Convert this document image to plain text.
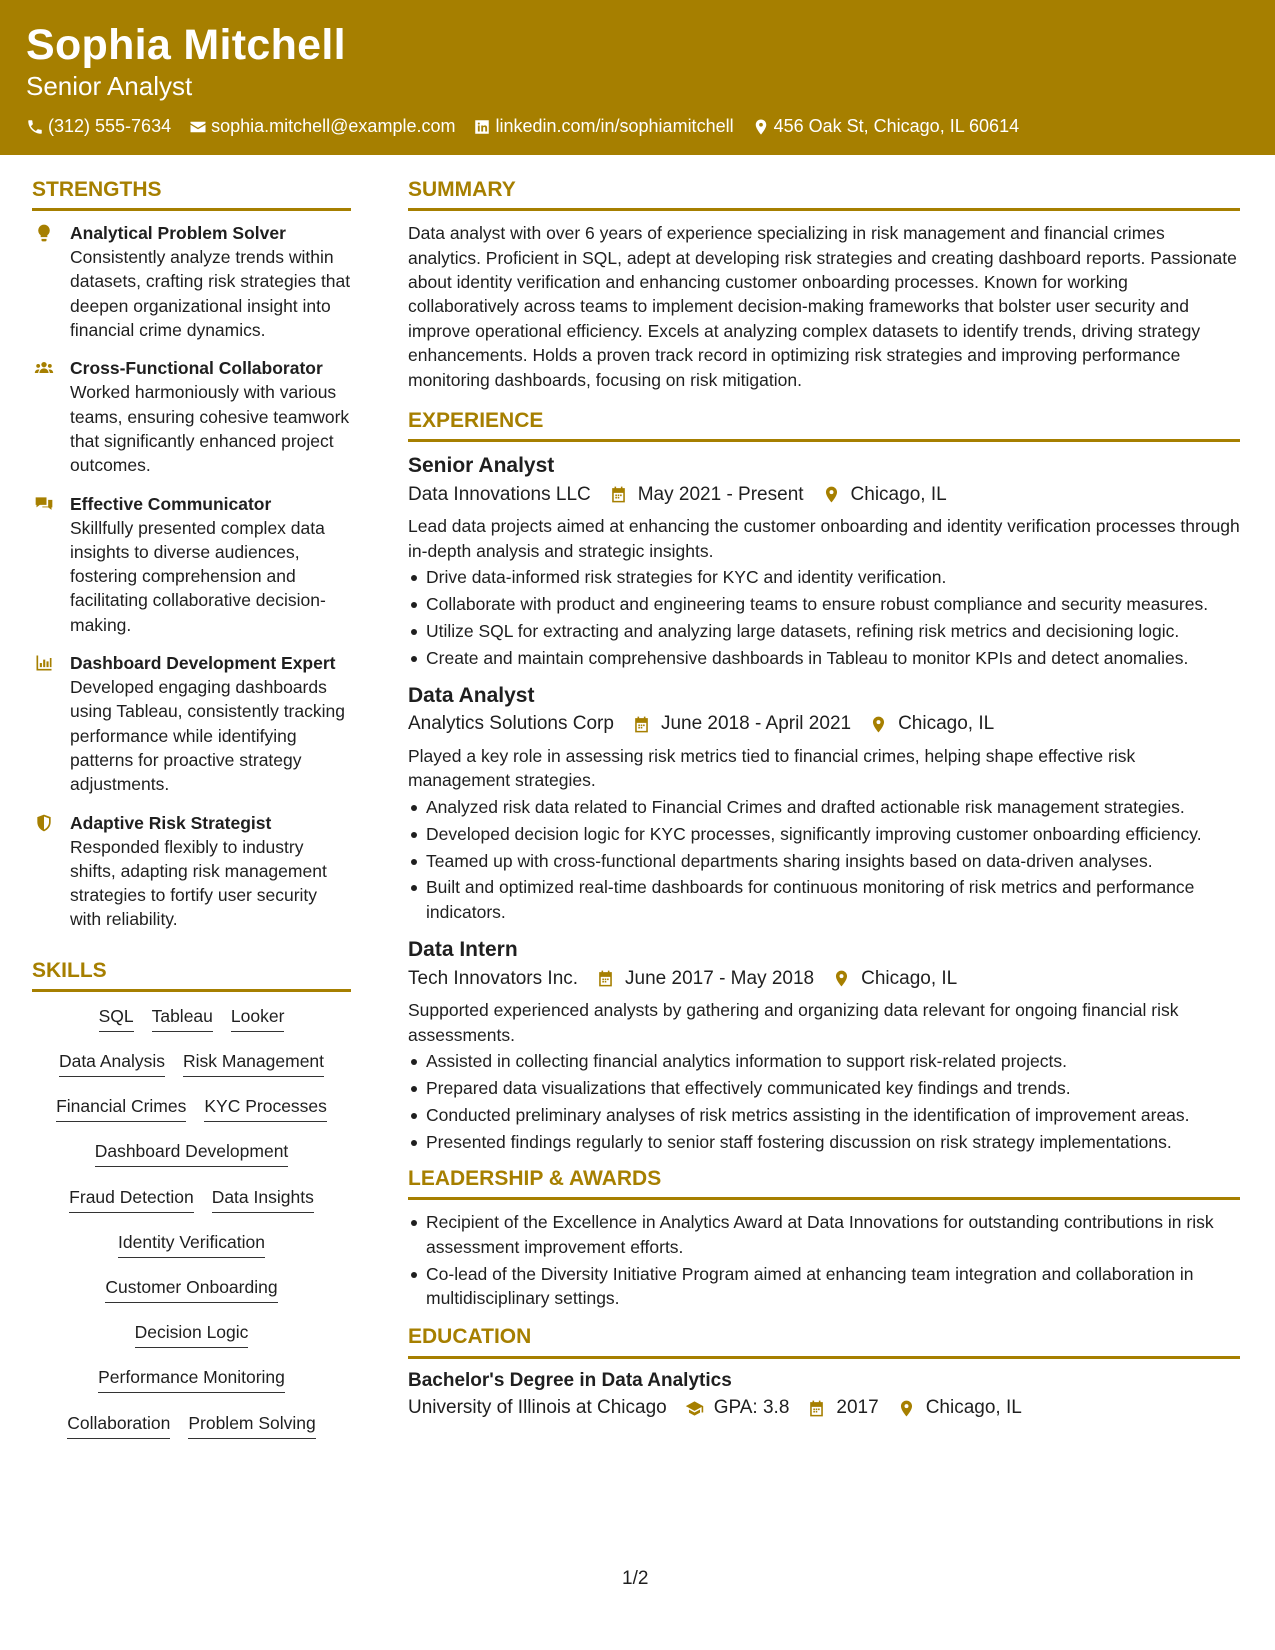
Sophia Mitchell
Senior Analyst
(312) 555-7634 sophia.mitchell@example.com linkedin.com/in/sophiamitchell 456 Oak St, Chicago, IL 60614
STRENGTHS
Analytical Problem Solver
Consistently analyze trends within datasets, crafting risk strategies that deepen organizational insight into financial crime dynamics.
Cross-Functional Collaborator
Worked harmoniously with various teams, ensuring cohesive teamwork that significantly enhanced project outcomes.
Effective Communicator
Skillfully presented complex data insights to diverse audiences, fostering comprehension and facilitating collaborative decision-making.
Dashboard Development Expert
Developed engaging dashboards using Tableau, consistently tracking performance while identifying patterns for proactive strategy adjustments.
Adaptive Risk Strategist
Responded flexibly to industry shifts, adapting risk management strategies to fortify user security with reliability.
SKILLS
SQL Tableau Looker
Data Analysis Risk Management
Financial Crimes KYC Processes
Dashboard Development
Fraud Detection Data Insights
Identity Verification
Customer Onboarding
Decision Logic
Performance Monitoring
Collaboration Problem Solving
SUMMARY
Data analyst with over 6 years of experience specializing in risk management and financial crimes analytics. Proficient in SQL, adept at developing risk strategies and creating dashboard reports. Passionate about identity verification and enhancing customer onboarding processes. Known for working collaboratively across teams to implement decision-making frameworks that bolster user security and improve operational efficiency. Excels at analyzing complex datasets to identify trends, driving strategy enhancements. Holds a proven track record in optimizing risk strategies and improving performance monitoring dashboards, focusing on risk mitigation.
EXPERIENCE
Senior Analyst
Data Innovations LLC May 2021 - Present Chicago, IL
Lead data projects aimed at enhancing the customer onboarding and identity verification processes through in-depth analysis and strategic insights.
Drive data-informed risk strategies for KYC and identity verification.
Collaborate with product and engineering teams to ensure robust compliance and security measures.
Utilize SQL for extracting and analyzing large datasets, refining risk metrics and decisioning logic.
Create and maintain comprehensive dashboards in Tableau to monitor KPIs and detect anomalies.
Data Analyst
Analytics Solutions Corp June 2018 - April 2021 Chicago, IL
Played a key role in assessing risk metrics tied to financial crimes, helping shape effective risk management strategies.
Analyzed risk data related to Financial Crimes and drafted actionable risk management strategies.
Developed decision logic for KYC processes, significantly improving customer onboarding efficiency.
Teamed up with cross-functional departments sharing insights based on data-driven analyses.
Built and optimized real-time dashboards for continuous monitoring of risk metrics and performance indicators.
Data Intern
Tech Innovators Inc. June 2017 - May 2018 Chicago, IL
Supported experienced analysts by gathering and organizing data relevant for ongoing financial risk assessments.
Assisted in collecting financial analytics information to support risk-related projects.
Prepared data visualizations that effectively communicated key findings and trends.
Conducted preliminary analyses of risk metrics assisting in the identification of improvement areas.
Presented findings regularly to senior staff fostering discussion on risk strategy implementations.
LEADERSHIP & AWARDS
Recipient of the Excellence in Analytics Award at Data Innovations for outstanding contributions in risk assessment improvement efforts.
Co-lead of the Diversity Initiative Program aimed at enhancing team integration and collaboration in multidisciplinary settings.
EDUCATION
Bachelor's Degree in Data Analytics
University of Illinois at Chicago GPA: 3.8 2017 Chicago, IL
1/2
